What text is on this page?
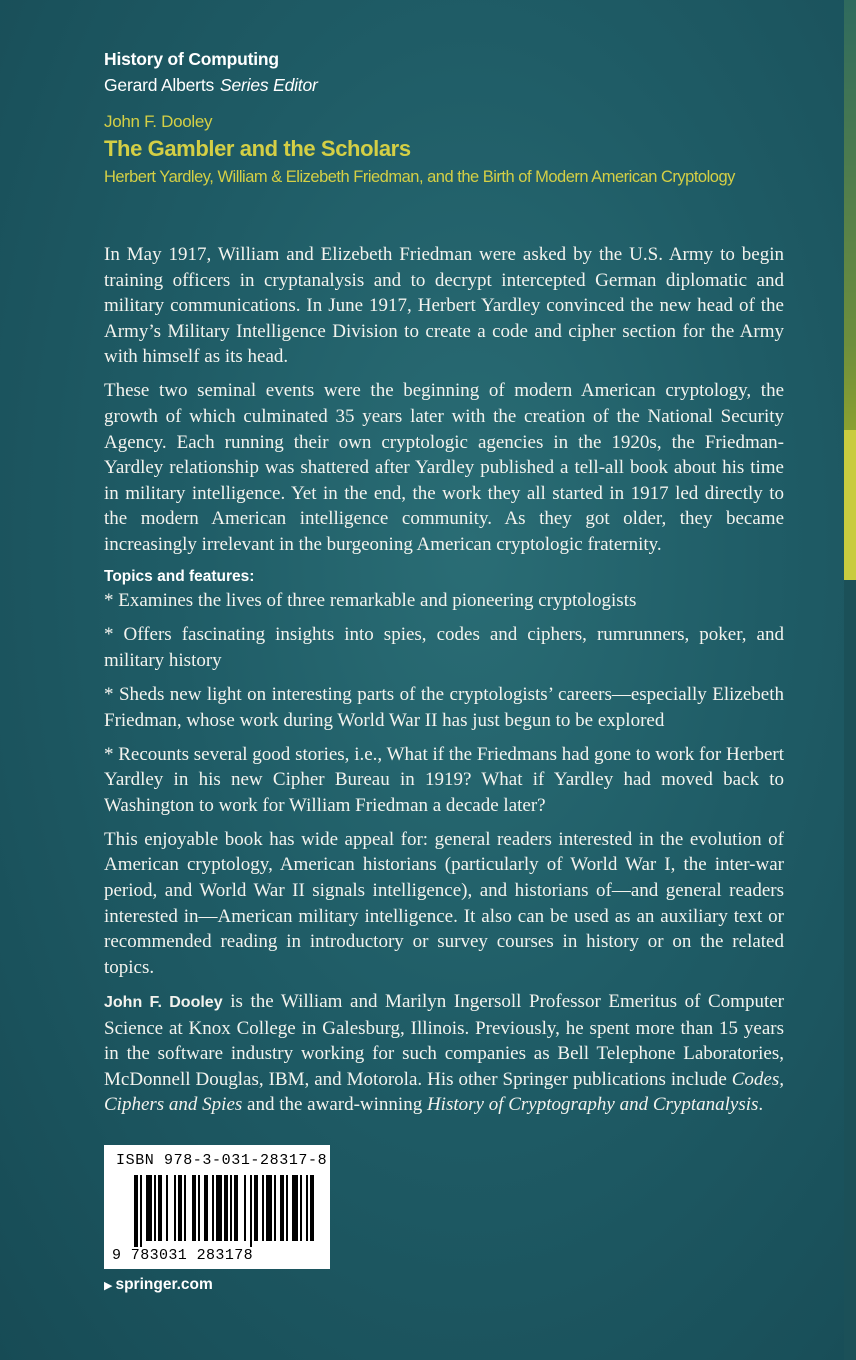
History of Computing
Gerard Alberts Series Editor
John F. Dooley
The Gambler and the Scholars
Herbert Yardley, William & Elizebeth Friedman, and the Birth of Modern American Cryptology

In May 1917, William and Elizebeth Friedman were asked by the U.S. Army to begin training officers in cryptanalysis and to decrypt intercepted German diplomatic and military communications. In June 1917, Herbert Yardley convinced the new head of the Army’s Military Intelligence Division to create a code and cipher section for the Army with himself as its head.

These two seminal events were the beginning of modern American cryptology, the growth of which culminated 35 years later with the creation of the National Security Agency. Each running their own cryptologic agencies in the 1920s, the Friedman-Yardley relationship was shattered after Yardley published a tell-all book about his time in military intelligence. Yet in the end, the work they all started in 1917 led directly to the modern American intelligence community. As they got older, they became increasingly irrelevant in the burgeoning American cryptologic fraternity.

Topics and features:

* Examines the lives of three remarkable and pioneering cryptologists

* Offers fascinating insights into spies, codes and ciphers, rumrunners, poker, and military history

* Sheds new light on interesting parts of the cryptologists’ careers—especially Elizebeth Friedman, whose work during World War II has just begun to be explored

* Recounts several good stories, i.e., What if the Friedmans had gone to work for Herbert Yardley in his new Cipher Bureau in 1919? What if Yardley had moved back to Washington to work for William Friedman a decade later?

This enjoyable book has wide appeal for: general readers interested in the evolution of American cryptology, American historians (particularly of World War I, the inter-war period, and World War II signals intelligence), and historians of—and general readers interested in—American military intelligence. It also can be used as an auxiliary text or recommended reading in introductory or survey courses in history or on the related topics.

John F. Dooley is the William and Marilyn Ingersoll Professor Emeritus of Computer Science at Knox College in Galesburg, Illinois. Previously, he spent more than 15 years in the software industry working for such companies as Bell Telephone Laboratories, McDonnell Douglas, IBM, and Motorola. His other Springer publications include Codes, Ciphers and Spies and the award-winning History of Cryptography and Cryptanalysis.

ISBN 978-3-031-28317-8
9 783031 283178
▶ springer.com
